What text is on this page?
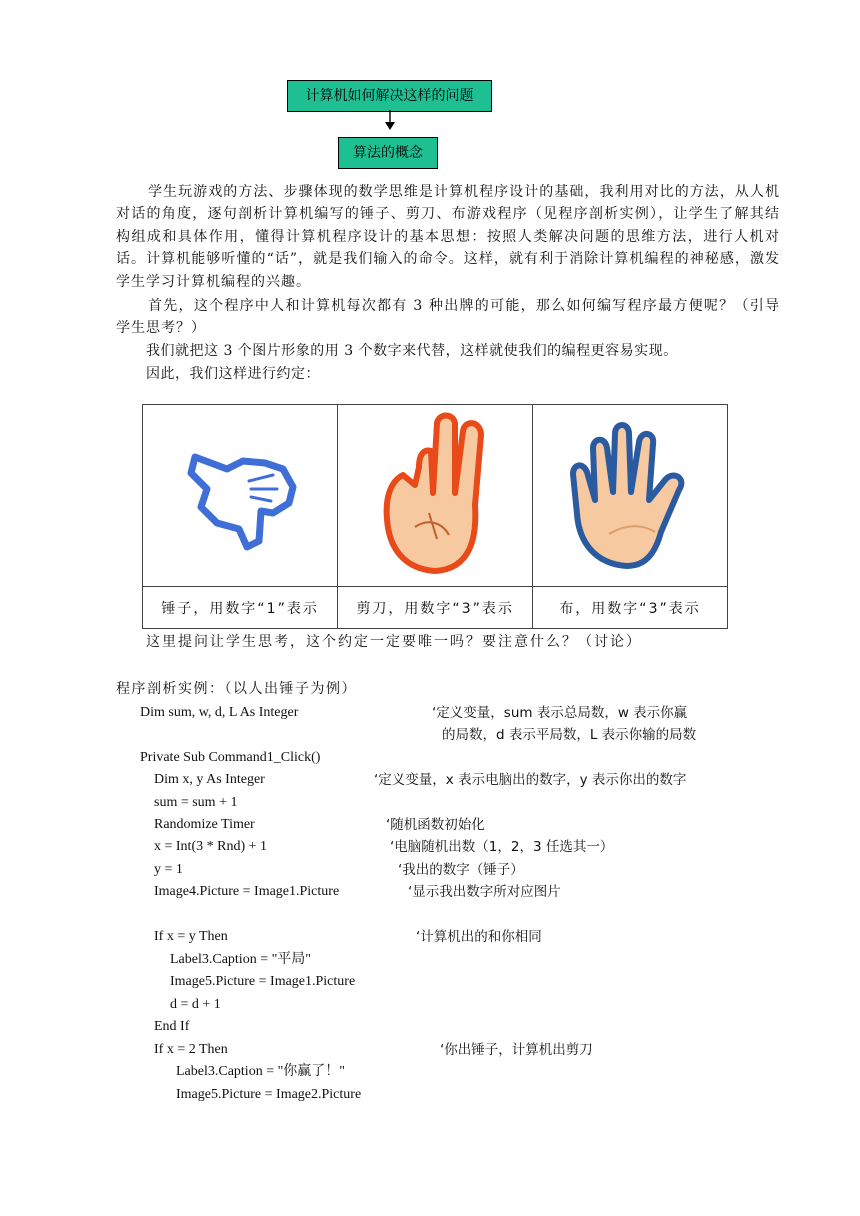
计算机如何解决这样的问题
算法的概念
学生玩游戏的方法、步骤体现的数学思维是计算机程序设计的基础，我利用对比的方法，从人机对话的角度，逐句剖析计算机编写的锤子、剪刀、布游戏程序（见程序剖析实例），让学生了解其结构组成和具体作用，懂得计算机程序设计的基本思想：按照人类解决问题的思维方法，进行人机对话。计算机能够听懂的“话”，就是我们输入的命令。这样，就有利于消除计算机编程的神秘感，激发学生学习计算机编程的兴趣。
首先，这个程序中人和计算机每次都有 3 种出牌的可能，那么如何编写程序最方便呢？（引导学生思考？）
我们就把这 3 个图片形象的用 3 个数字来代替，这样就使我们的编程更容易实现。
因此，我们这样进行约定：

锤子，用数字“1”表示	剪刀，用数字“3”表示	布，用数字“3”表示
这里提问让学生思考，这个约定一定要唯一吗？要注意什么？（讨论）
程序剖析实例：（以人出锤子为例）
Dim sum, w, d, L As Integer	‘定义变量，sum 表示总局数，w 表示你赢
的局数，d 表示平局数，L 表示你输的局数
Private Sub Command1_Click()
Dim x, y As Integer	‘定义变量，x 表示电脑出的数字，y 表示你出的数字
sum = sum + 1
Randomize Timer	‘随机函数初始化
x = Int(3 * Rnd) + 1	‘电脑随机出数（1，2，3 任选其一）
y = 1	‘我出的数字（锤子）
Image4.Picture = Image1.Picture	‘显示我出数字所对应图片
If x = y Then	‘计算机出的和你相同
Label3.Caption = "平局"
Image5.Picture = Image1.Picture
d = d + 1
End If
If x = 2 Then	‘你出锤子，计算机出剪刀
Label3.Caption = "你赢了！"
Image5.Picture = Image2.Picture
